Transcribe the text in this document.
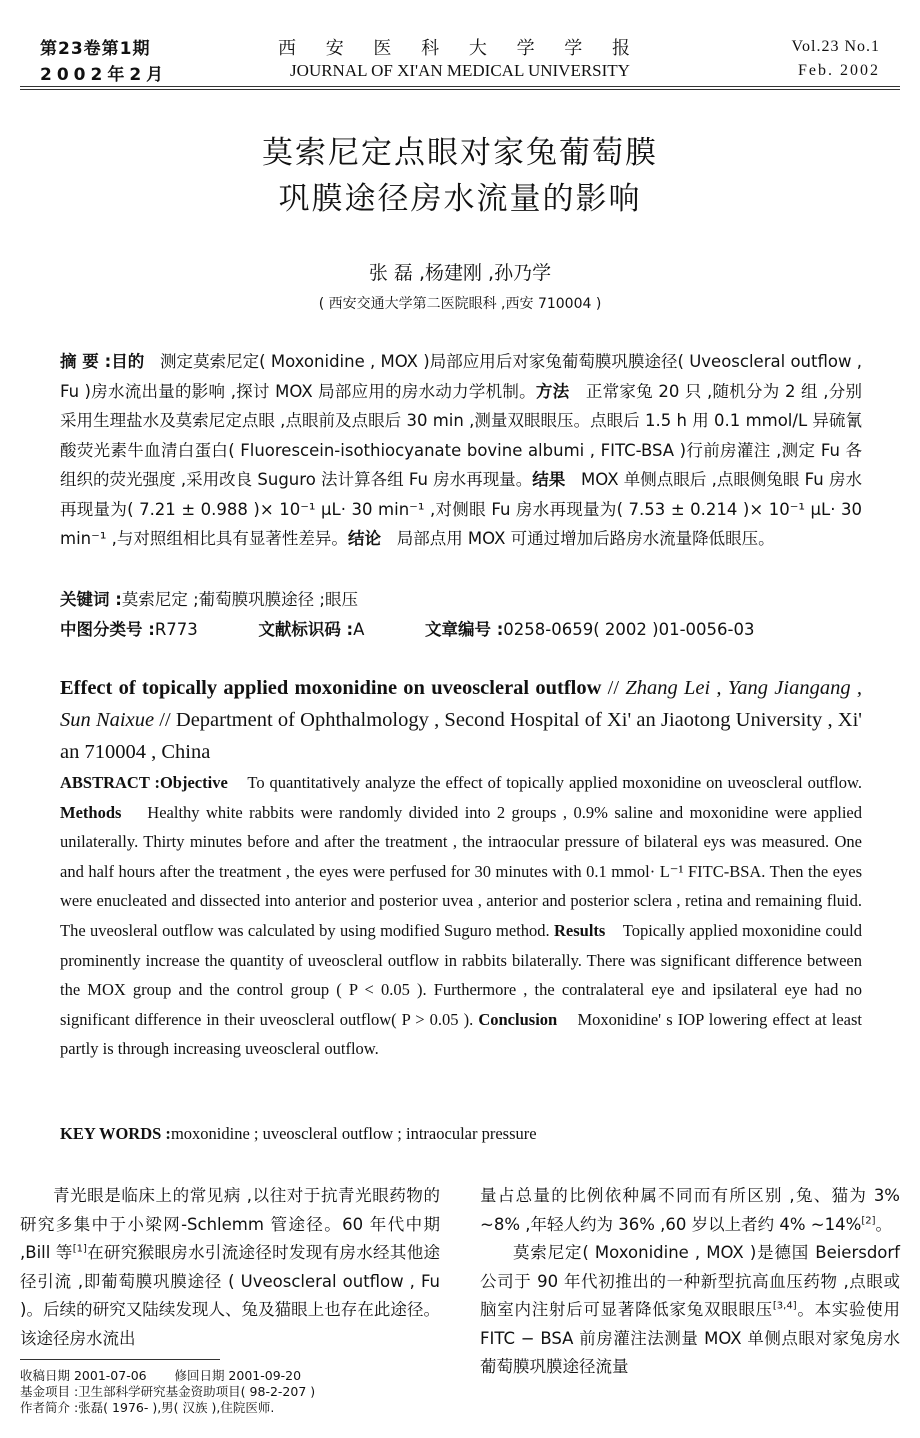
第23卷第1期
2002年2月
西 安 医 科 大 学 学 报
JOURNAL OF XI'AN MEDICAL UNIVERSITY
Vol.23 No.1
Feb. 2002
莫索尼定点眼对家兔葡萄膜
巩膜途径房水流量的影响
张 磊 ,杨建刚 ,孙乃学
( 西安交通大学第二医院眼科 ,西安 710004 )
摘 要 :目的 测定莫索尼定( Moxonidine , MOX )局部应用后对家兔葡萄膜巩膜途径( Uveoscleral outflow , Fu )房水流出量的影响 ,探讨 MOX 局部应用的房水动力学机制。方法 正常家兔 20 只 ,随机分为 2 组 ,分别采用生理盐水及莫索尼定点眼 ,点眼前及点眼后 30 min ,测量双眼眼压。点眼后 1.5 h 用 0.1 mmol/L 异硫氰酸荧光素牛血清白蛋白( Fluorescein-isothiocyanate bovine albumi , FITC-BSA )行前房灌注 ,测定 Fu 各组织的荧光强度 ,采用改良 Suguro 法计算各组 Fu 房水再现量。结果 MOX 单侧点眼后 ,点眼侧兔眼 Fu 房水再现量为( 7.21 ± 0.988 )× 10⁻¹ μL· 30 min⁻¹ ,对侧眼 Fu 房水再现量为( 7.53 ± 0.214 )× 10⁻¹ μL· 30 min⁻¹ ,与对照组相比具有显著性差异。结论 局部点用 MOX 可通过增加后路房水流量降低眼压。
关键词 :莫索尼定 ;葡萄膜巩膜途径 ;眼压
中图分类号 :R773	文献标识码 :A	文章编号 :0258-0659( 2002 )01-0056-03
Effect of topically applied moxonidine on uveoscleral outflow // Zhang Lei , Yang Jiangang , Sun Naixue // Department of Ophthalmology , Second Hospital of Xi' an Jiaotong University , Xi' an 710004 , China
ABSTRACT :Objective To quantitatively analyze the effect of topically applied moxonidine on uveoscleral outflow. Methods Healthy white rabbits were randomly divided into 2 groups , 0.9% saline and moxonidine were applied unilaterally. Thirty minutes before and after the treatment , the intraocular pressure of bilateral eys was measured. One and half hours after the treatment , the eyes were perfused for 30 minutes with 0.1 mmol· L⁻¹ FITC-BSA. Then the eyes were enucleated and dissected into anterior and posterior uvea , anterior and posterior sclera , retina and remaining fluid. The uveosleral outflow was calculated by using modified Suguro method. Results Topically applied moxonidine could prominently increase the quantity of uveoscleral outflow in rabbits bilaterally. There was significant difference between the MOX group and the control group ( P < 0.05 ). Furthermore , the contralateral eye and ipsilateral eye had no significant difference in their uveoscleral outflow( P > 0.05 ). Conclusion Moxonidine' s IOP lowering effect at least partly is through increasing uveoscleral outflow.
KEY WORDS :moxonidine ; uveoscleral outflow ; intraocular pressure
青光眼是临床上的常见病 ,以往对于抗青光眼药物的研究多集中于小梁网-Schlemm 管途径。60 年代中期 ,Bill 等[1]在研究猴眼房水引流途径时发现有房水经其他途径引流 ,即葡萄膜巩膜途径 ( Uveoscleral outflow , Fu )。后续的研究又陆续发现人、兔及猫眼上也存在此途径。该途径房水流出
量占总量的比例依种属不同而有所区别 ,兔、猫为 3% ~8% ,年轻人约为 36% ,60 岁以上者约 4% ~14%[2]。
莫索尼定( Moxonidine , MOX )是德国 Beiersdorf 公司于 90 年代初推出的一种新型抗高血压药物 ,点眼或脑室内注射后可显著降低家兔双眼眼压[3,4]。本实验使用 FITC − BSA 前房灌注法测量 MOX 单侧点眼对家兔房水葡萄膜巩膜途径流量
收稿日期 2001-07-06 修回日期 2001-09-20
基金项目 :卫生部科学研究基金资助项目( 98-2-207 )
作者简介 :张磊( 1976- ),男( 汉族 ),住院医师.
